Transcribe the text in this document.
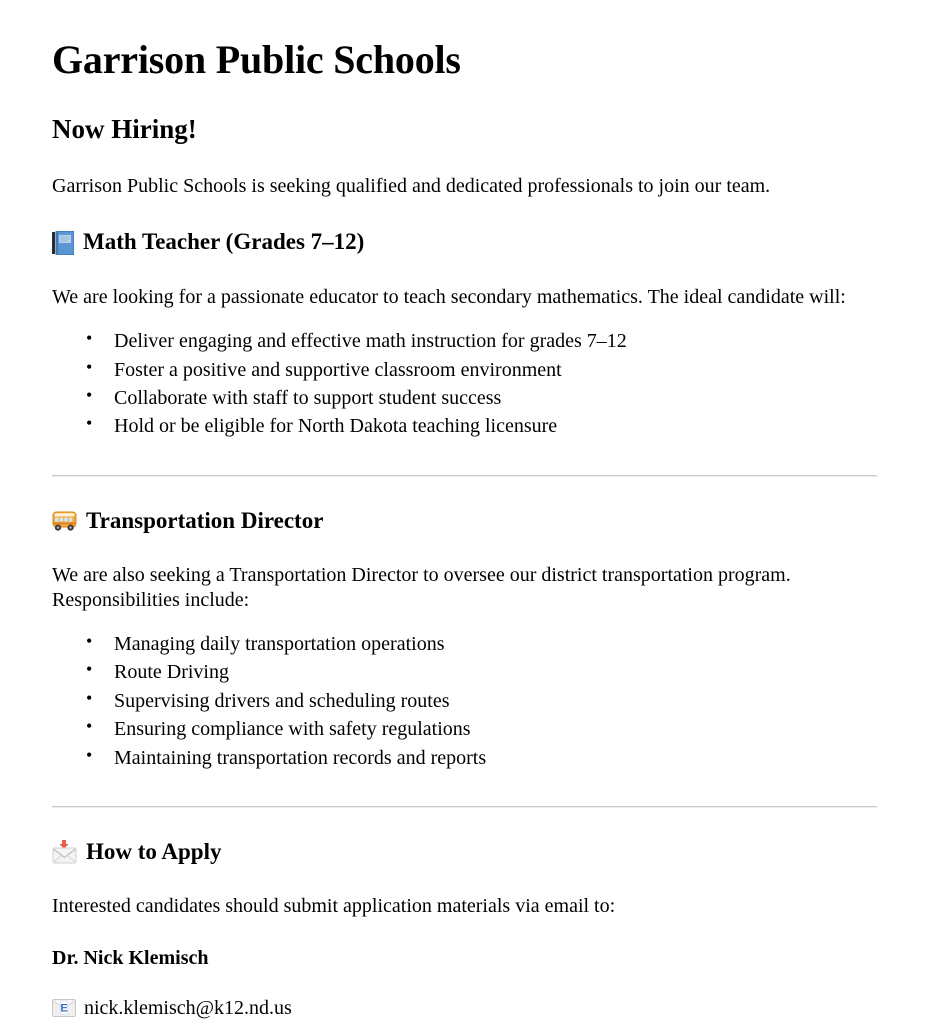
Garrison Public Schools
Now Hiring!

Garrison Public Schools is seeking qualified and dedicated professionals to join our team.

Math Teacher (Grades 7–12)

We are looking for a passionate educator to teach secondary mathematics. The ideal candidate will:

• Deliver engaging and effective math instruction for grades 7–12
• Foster a positive and supportive classroom environment
• Collaborate with staff to support student success
• Hold or be eligible for North Dakota teaching licensure
Transportation Director

We are also seeking a Transportation Director to oversee our district transportation program. Responsibilities include:

• Managing daily transportation operations
• Route Driving
• Supervising drivers and scheduling routes
• Ensuring compliance with safety regulations
• Maintaining transportation records and reports
How to Apply

Interested candidates should submit application materials via email to:

Dr. Nick Klemisch

E nick.klemisch@k12.nd.us
